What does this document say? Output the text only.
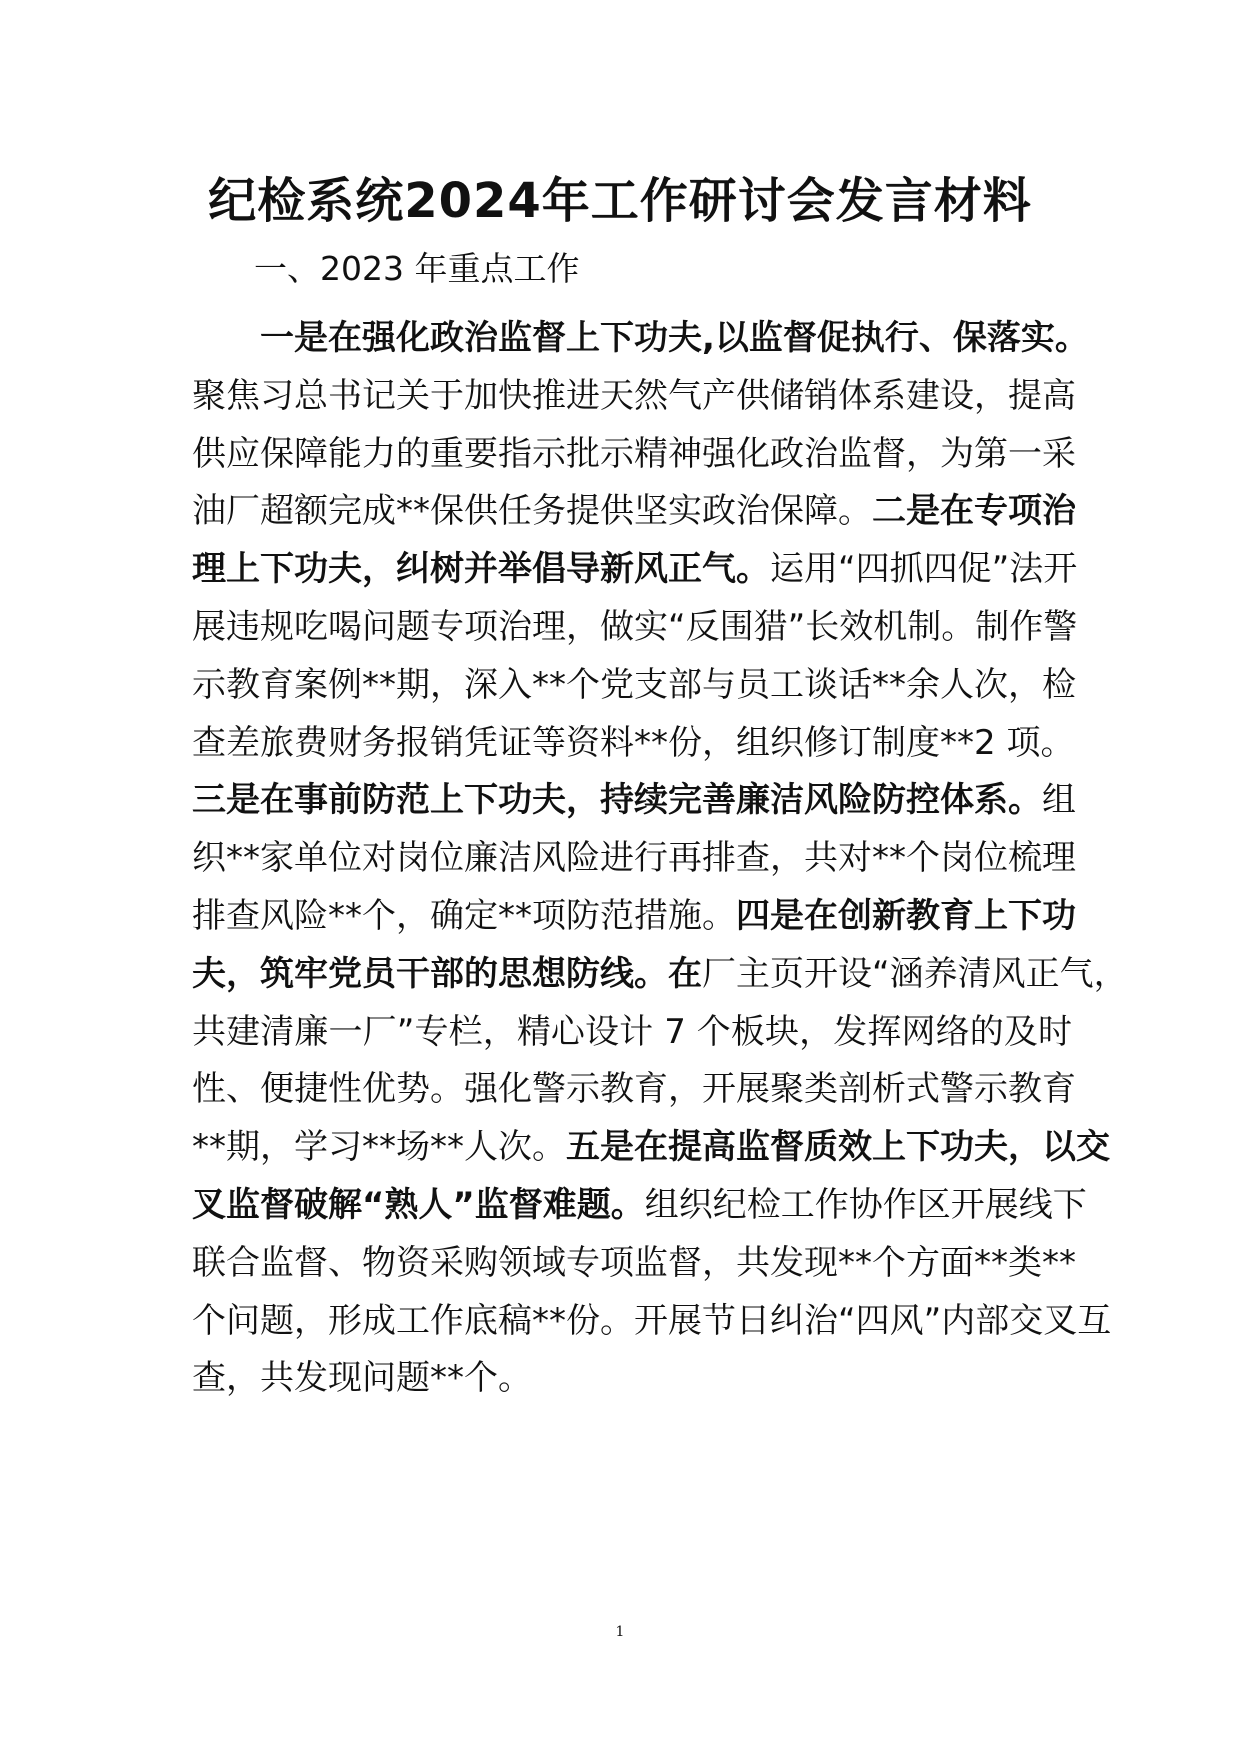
纪检系统2024年工作研讨会发言材料
一、2023 年重点工作
一是在强化政治监督上下功夫,以监督促执行、保落实。
聚焦习总书记关于加快推进天然气产供储销体系建设，提高
供应保障能力的重要指示批示精神强化政治监督，为第一采
油厂超额完成**保供任务提供坚实政治保障。二是在专项治
理上下功夫，纠树并举倡导新风正气。运用“四抓四促”法开
展违规吃喝问题专项治理，做实“反围猎”长效机制。制作警
示教育案例**期，深入**个党支部与员工谈话**余人次，检
查差旅费财务报销凭证等资料**份，组织修订制度**2 项。
三是在事前防范上下功夫，持续完善廉洁风险防控体系。组
织**家单位对岗位廉洁风险进行再排查，共对**个岗位梳理
排查风险**个，确定**项防范措施。四是在创新教育上下功
夫，筑牢党员干部的思想防线。在厂主页开设“涵养清风正气，
共建清廉一厂”专栏，精心设计 7 个板块，发挥网络的及时
性、便捷性优势。强化警示教育，开展聚类剖析式警示教育
**期，学习**场**人次。五是在提高监督质效上下功夫，以交
叉监督破解“熟人”监督难题。组织纪检工作协作区开展线下
联合监督、物资采购领域专项监督，共发现**个方面**类**
个问题，形成工作底稿**份。开展节日纠治“四风”内部交叉互
查，共发现问题**个。
1
